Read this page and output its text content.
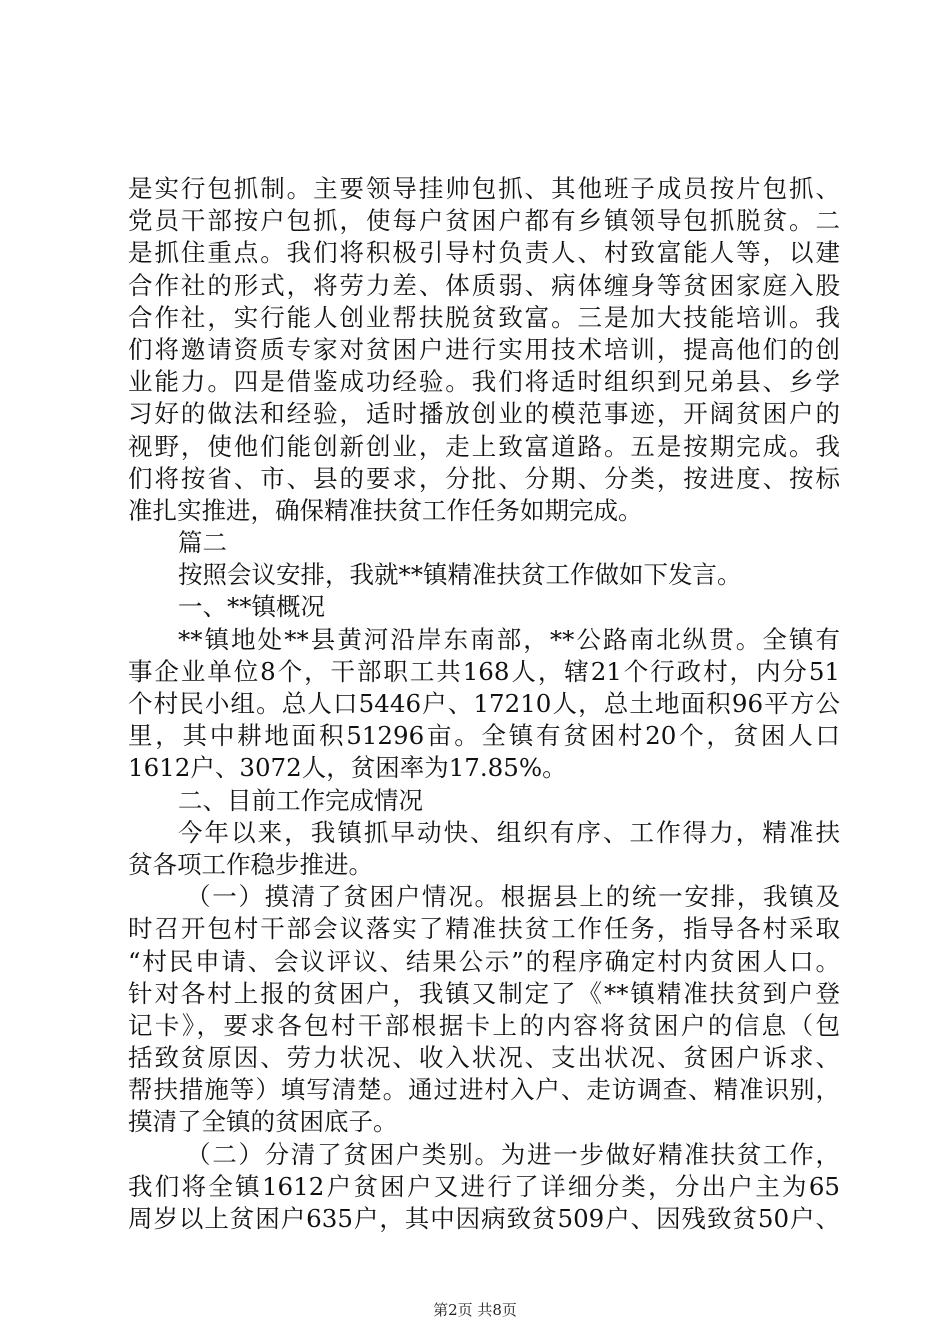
是实行包抓制。主要领导挂帅包抓、其他班子成员按片包抓、
党员干部按户包抓，使每户贫困户都有乡镇领导包抓脱贫。二
是抓住重点。我们将积极引导村负责人、村致富能人等，以建
合作社的形式，将劳力差、体质弱、病体缠身等贫困家庭入股
合作社，实行能人创业帮扶脱贫致富。三是加大技能培训。我
们将邀请资质专家对贫困户进行实用技术培训，提高他们的创
业能力。四是借鉴成功经验。我们将适时组织到兄弟县、乡学
习好的做法和经验，适时播放创业的模范事迹，开阔贫困户的
视野，使他们能创新创业，走上致富道路。五是按期完成。我
们将按省、市、县的要求，分批、分期、分类，按进度、按标
准扎实推进，确保精准扶贫工作任务如期完成。
篇二
按照会议安排，我就**镇精准扶贫工作做如下发言。
一、**镇概况
**镇地处**县黄河沿岸东南部，**公路南北纵贯。全镇有
事企业单位8个，干部职工共168人，辖21个行政村，内分51
个村民小组。总人口5446户、17210人，总土地面积96平方公
里，其中耕地面积51296亩。全镇有贫困村20个，贫困人口
1612户、3072人，贫困率为17.85%。
二、目前工作完成情况
今年以来，我镇抓早动快、组织有序、工作得力，精准扶
贫各项工作稳步推进。
（一）摸清了贫困户情况。根据县上的统一安排，我镇及
时召开包村干部会议落实了精准扶贫工作任务，指导各村采取
“村民申请、会议评议、结果公示”的程序确定村内贫困人口。
针对各村上报的贫困户，我镇又制定了《**镇精准扶贫到户登
记卡》，要求各包村干部根据卡上的内容将贫困户的信息（包
括致贫原因、劳力状况、收入状况、支出状况、贫困户诉求、
帮扶措施等）填写清楚。通过进村入户、走访调查、精准识别，
摸清了全镇的贫困底子。
（二）分清了贫困户类别。为进一步做好精准扶贫工作，
我们将全镇1612户贫困户又进行了详细分类，分出户主为65
周岁以上贫困户635户，其中因病致贫509户、因残致贫50户、
第2页 共8页
